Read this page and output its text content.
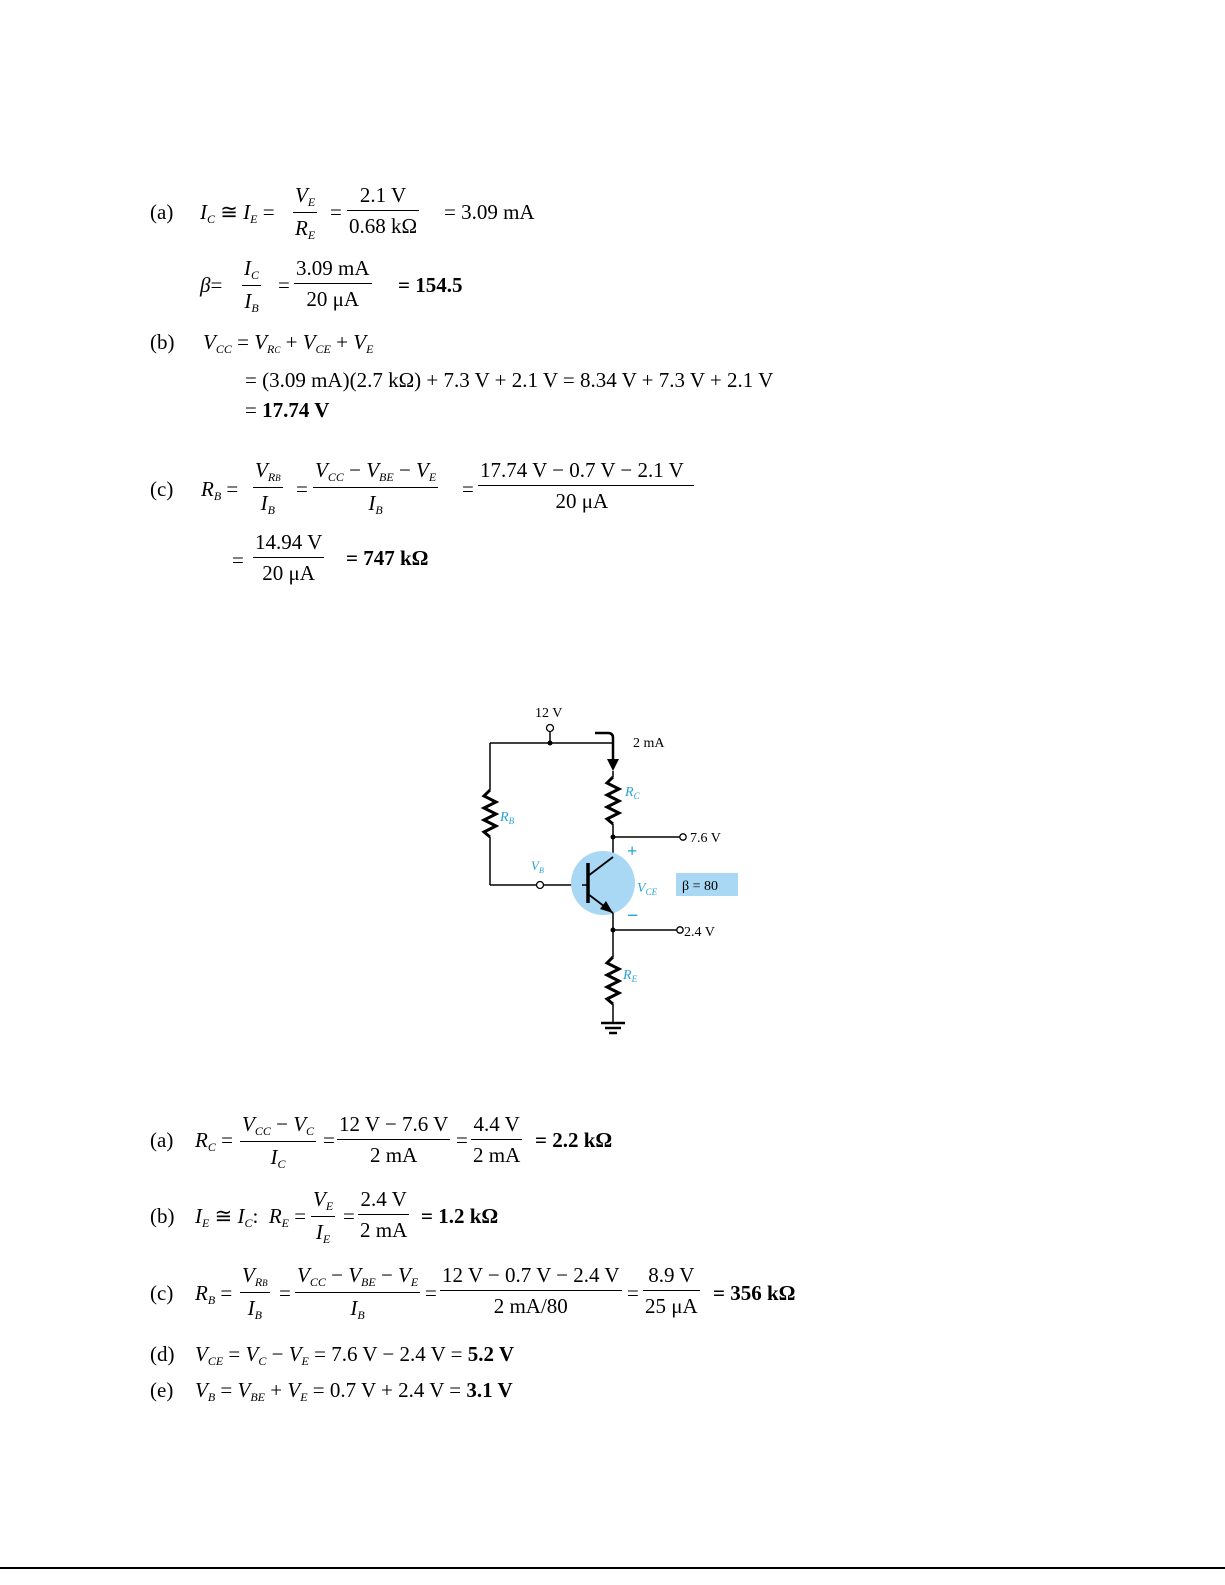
(a) $I_C$ ≅ $I_E$ =
$V_E$
$R_E$
=
2.1 V
0.68 kΩ
= 3.09 mA
β=
$I_C$
$I_B$
=
3.09 mA
20 μA
= 154.5
(b) $V_{CC} = V_{RC} + V_{CE} + V_E$
= (3.09 mA)(2.7 kΩ) + 7.3 V + 2.1 V = 8.34 V + 7.3 V + 2.1 V
= 17.74 V
(c) $R_B$ =
$V_{RB}$
$I_B$
=
$V_{CC} - V_{BE} - V_E$
$I_B$
=
17.74 V − 0.7 V − 2.1 V
20 μA
=
14.94 V
20 μA
= 747 kΩ
12 V
2 mA
$R_B$
$V_B$
$R_C$
7.6 V
+
$V_{CE}$
−
β = 80
2.4 V
$R_E$
(a) $R_C$ =
$V_{CC} - V_C$
$I_C$
=
12 V − 7.6 V
2 mA
=
4.4 V
2 mA
= 2.2 kΩ
(b) $I_E$ ≅ $I_C$:  $R_E$ =
$V_E$
$I_E$
=
2.4 V
2 mA
= 1.2 kΩ
(c) $R_B$ =
$V_{RB}$
$I_B$
=
$V_{CC} - V_{BE} - V_E$
$I_B$
=
12 V − 0.7 V − 2.4 V
2 mA/80
=
8.9 V
25 μA
= 356 kΩ
(d) $V_{CE} = V_C - V_E = 7.6$ V − 2.4 V = 5.2 V
(e) $V_B = V_{BE} + V_E = 0.7$ V + 2.4 V = 3.1 V
